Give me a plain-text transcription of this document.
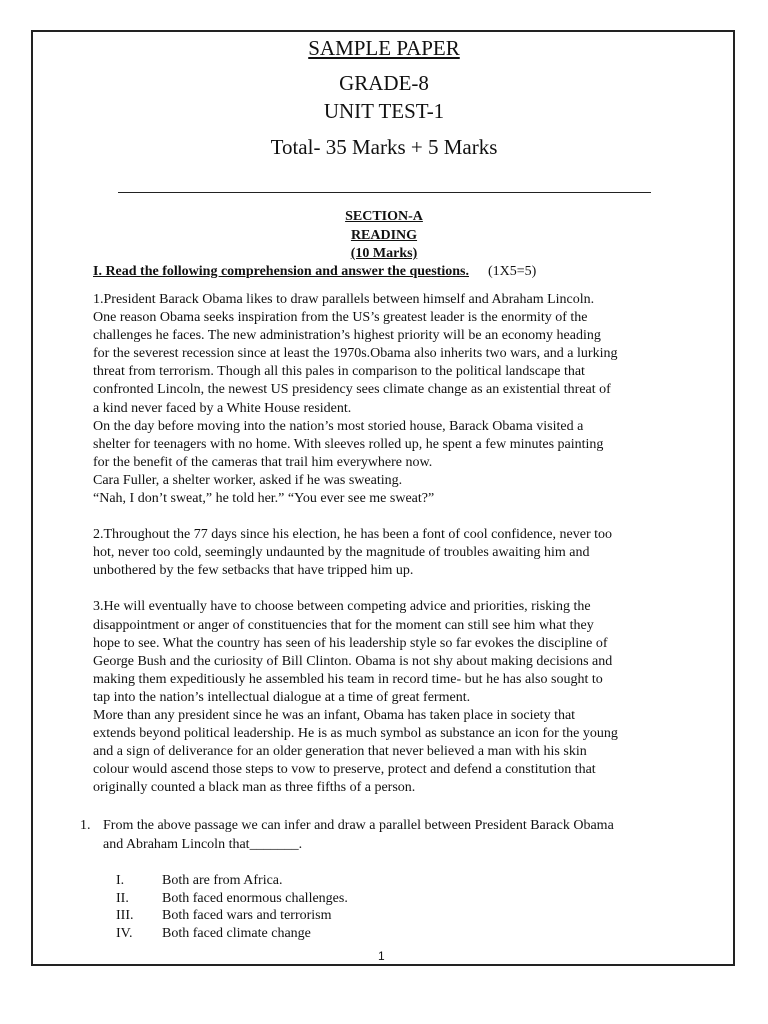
SAMPLE PAPER
GRADE-8
UNIT TEST-1
Total- 35 Marks + 5 Marks
SECTION-A
READING
(10 Marks)
I. Read the following comprehension and answer the questions. (1X5=5)

1.President Barack Obama likes to draw parallels between himself and Abraham Lincoln.

One reason Obama seeks inspiration from the US’s greatest leader is the enormity of the

challenges he faces. The new administration’s highest priority will be an economy heading

for the severest recession since at least the 1970s.Obama also inherits two wars, and a lurking

threat from terrorism. Though all this pales in comparison to the political landscape that

confronted Lincoln, the newest US presidency sees climate change as an existential threat of

a kind never faced by a White House resident.

On the day before moving into the nation’s most storied house, Barack Obama visited a

shelter for teenagers with no home. With sleeves rolled up, he spent a few minutes painting

for the benefit of the cameras that trail him everywhere now.

Cara Fuller, a shelter worker, asked if he was sweating.

“Nah, I don’t sweat,” he told her.” “You ever see me sweat?”

2.Throughout the 77 days since his election, he has been a font of cool confidence, never too

hot, never too cold, seemingly undaunted by the magnitude of troubles awaiting him and

unbothered by the few setbacks that have tripped him up.

3.He will eventually have to choose between competing advice and priorities, risking the

disappointment or anger of constituencies that for the moment can still see him what they

hope to see. What the country has seen of his leadership style so far evokes the discipline of

George Bush and the curiosity of Bill Clinton. Obama is not shy about making decisions and

making them expeditiously he assembled his team in record time- but he has also sought to

tap into the nation’s intellectual dialogue at a time of great ferment.

More than any president since he was an infant, Obama has taken place in society that

extends beyond political leadership. He is as much symbol as substance an icon for the young

and a sign of deliverance for an older generation that never believed a man with his skin

colour would ascend those steps to vow to preserve, protect and defend a constitution that

originally counted a black man as three fifths of a person.

1. From the above passage we can infer and draw a parallel between President Barack Obama
and Abraham Lincoln that_______.
I.	Both are from Africa.
II. Both faced enormous challenges.
III. Both faced wars and terrorism
IV. Both faced climate change
1
